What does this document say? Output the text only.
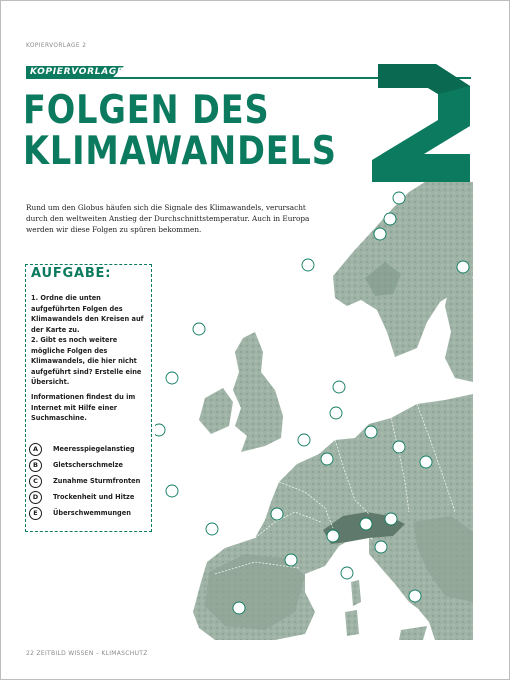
KOPIERVORLAGE 2
KOPIERVORLAGE
FOLGEN DES
KLIMAWANDELS

Rund um den Globus häufen sich die Signale des Klimawandels, verursacht durch den weltweiten Anstieg der Durchschnittstemperatur. Auch in Europa werden wir diese Folgen zu spüren bekommen.

AUFGABE:

1. Ordne die unten aufgeführten Folgen des Klimawandels den Kreisen auf der Karte zu.

2. Gibt es noch weitere mögliche Folgen des Klimawandels, die hier nicht aufgeführt sind? Erstelle eine Übersicht.

Informationen findest du im Internet mit Hilfe einer Suchmaschine.

A	Meeresspiegelanstieg
B	Gletscherschmelze
C	Zunahme Sturmfronten
D	Trockenheit und Hitze
E	Überschwemmungen
22 ZEITBILD WISSEN – KLIMASCHUTZ
